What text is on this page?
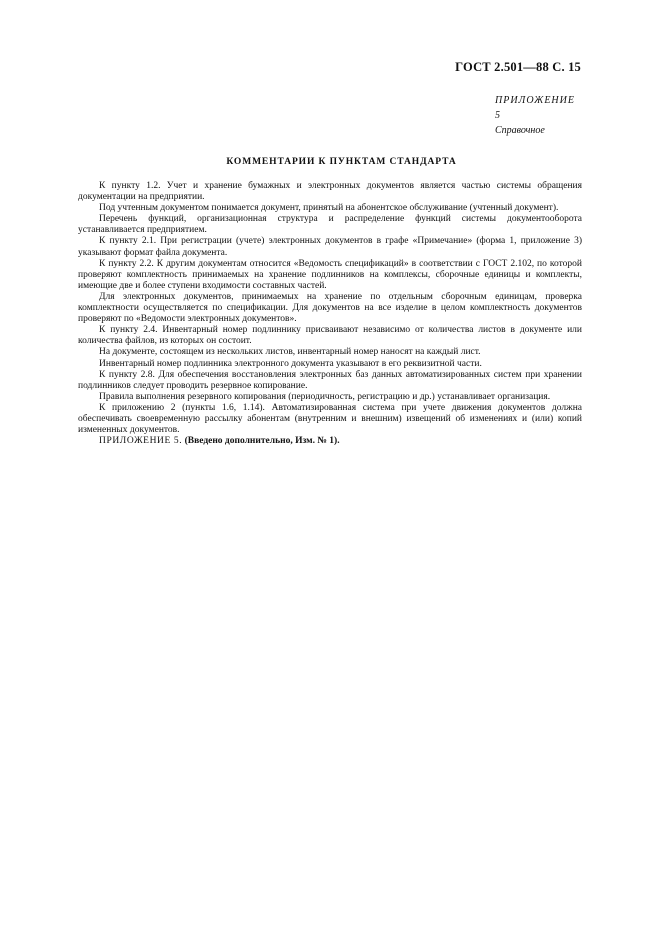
ГОСТ 2.501—88 С. 15
ПРИЛОЖЕНИЕ 5
Справочное
КОММЕНТАРИИ К ПУНКТАМ СТАНДАРТА

К пункту 1.2. Учет и хранение бумажных и электронных документов является частью системы обращения документации на предприятии.

Под учтенным документом понимается документ, принятый на абонентское обслуживание (учтенный документ).

Перечень функций, организационная структура и распределение функций системы документооборота устанавливается предприятием.

К пункту 2.1. При регистрации (учете) электронных документов в графе «Примечание» (форма 1, приложение 3) указывают формат файла документа.

К пункту 2.2. К другим документам относится «Ведомость спецификаций» в соответствии с ГОСТ 2.102, по которой проверяют комплектность принимаемых на хранение подлинников на комплексы, сборочные единицы и комплекты, имеющие две и более ступени входимости составных частей.

Для электронных документов, принимаемых на хранение по отдельным сборочным единицам, проверка комплектности осуществляется по спецификации. Для документов на все изделие в целом комплектность документов проверяют по «Ведомости электронных документов».

К пункту 2.4. Инвентарный номер подлиннику присваивают независимо от количества листов в документе или количества файлов, из которых он состоит.

На документе, состоящем из нескольких листов, инвентарный номер наносят на каждый лист.

Инвентарный номер подлинника электронного документа указывают в его реквизитной части.

К пункту 2.8. Для обеспечения восстановления электронных баз данных автоматизированных систем при хранении подлинников следует проводить резервное копирование.

Правила выполнения резервного копирования (периодичность, регистрацию и др.) устанавливает организация.

К приложению 2 (пункты 1.6, 1.14). Автоматизированная система при учете движения документов должна обеспечивать своевременную рассылку абонентам (внутренним и внешним) извещений об изменениях и (или) копий измененных документов.

ПРИЛОЖЕНИЕ 5. (Введено дополнительно, Изм. № 1).
